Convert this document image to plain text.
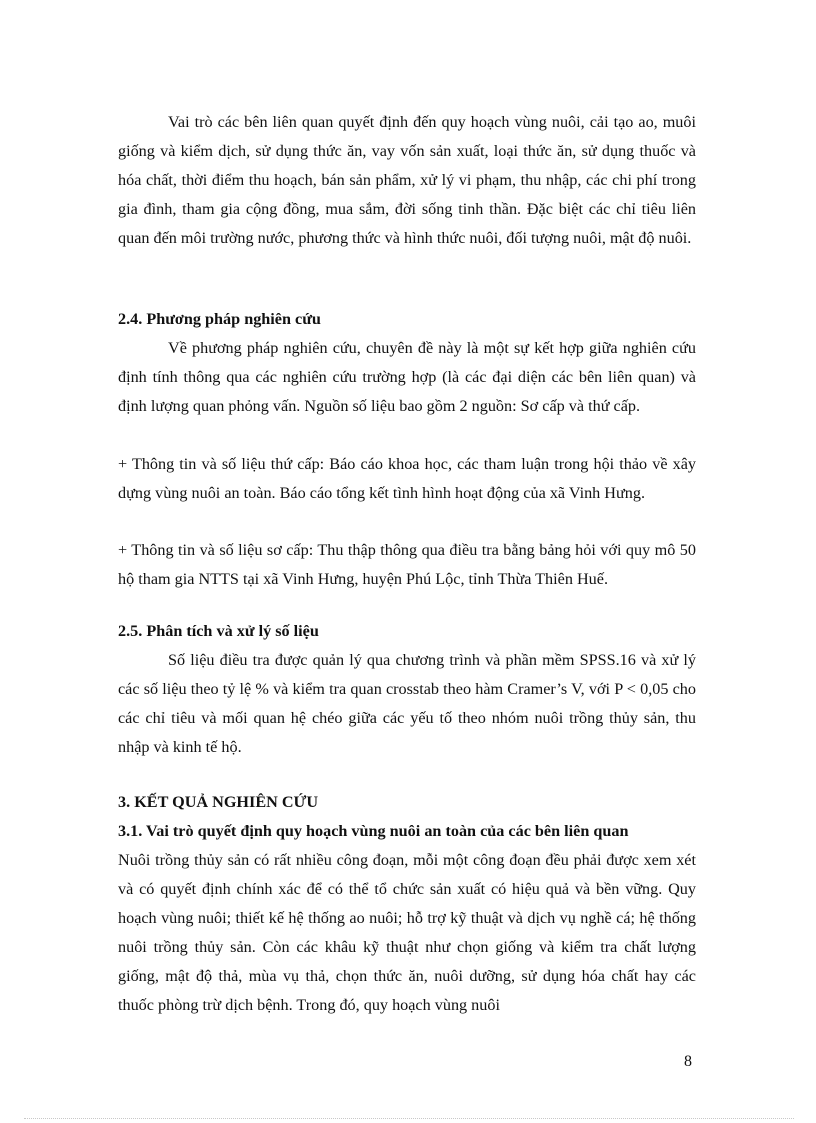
Vai trò các bên liên quan quyết định đến quy hoạch vùng nuôi, cải tạo ao, muôi giống và kiểm dịch, sử dụng thức ăn, vay vốn sản xuất, loại thức ăn, sử dụng thuốc và hóa chất, thời điểm thu hoạch, bán sản phẩm, xử lý vi phạm, thu nhập, các chi phí trong gia đình, tham gia cộng đồng, mua sắm, đời sống tinh thần. Đặc biệt các chỉ tiêu liên quan đến môi trường nước, phương thức và hình thức nuôi, đối tượng nuôi, mật độ nuôi.

2.4. Phương pháp nghiên cứu

Về phương pháp nghiên cứu, chuyên đề này là một sự kết hợp giữa nghiên cứu định tính thông qua các nghiên cứu trường hợp (là các đại diện các bên liên quan) và định lượng quan phỏng vấn. Nguồn số liệu bao gồm 2 nguồn: Sơ cấp và thứ cấp.

+ Thông tin và số liệu thứ cấp: Báo cáo khoa học, các tham luận trong hội thảo về xây dựng vùng nuôi an toàn. Báo cáo tổng kết tình hình hoạt động của xã Vinh Hưng.

+ Thông tin và số liệu sơ cấp: Thu thập thông qua điều tra bằng bảng hỏi với quy mô 50 hộ tham gia NTTS tại xã Vinh Hưng, huyện Phú Lộc, tỉnh Thừa Thiên Huế.

2.5. Phân tích và xử lý số liệu

Số liệu điều tra được quản lý qua chương trình và phần mềm SPSS.16 và xử lý các số liệu theo tỷ lệ % và kiểm tra quan crosstab theo hàm Cramer’s V, với P < 0,05 cho các chỉ tiêu và mối quan hệ chéo giữa các yếu tố theo nhóm nuôi trồng thủy sản, thu nhập và kinh tế hộ.

3. KẾT QUẢ NGHIÊN CỨU
3.1. Vai trò quyết định quy hoạch vùng nuôi an toàn của các bên liên quan

Nuôi trồng thủy sản có rất nhiều công đoạn, mỗi một công đoạn đều phải được xem xét và có quyết định chính xác để có thể tổ chức sản xuất có hiệu quả và bền vững. Quy hoạch vùng nuôi; thiết kế hệ thống ao nuôi; hỗ trợ kỹ thuật và dịch vụ nghề cá; hệ thống nuôi trồng thủy sản. Còn các khâu kỹ thuật như chọn giống và kiểm tra chất lượng giống, mật độ thả, mùa vụ thả, chọn thức ăn, nuôi dưỡng, sử dụng hóa chất hay các thuốc phòng trừ dịch bệnh. Trong đó, quy hoạch vùng nuôi

8
